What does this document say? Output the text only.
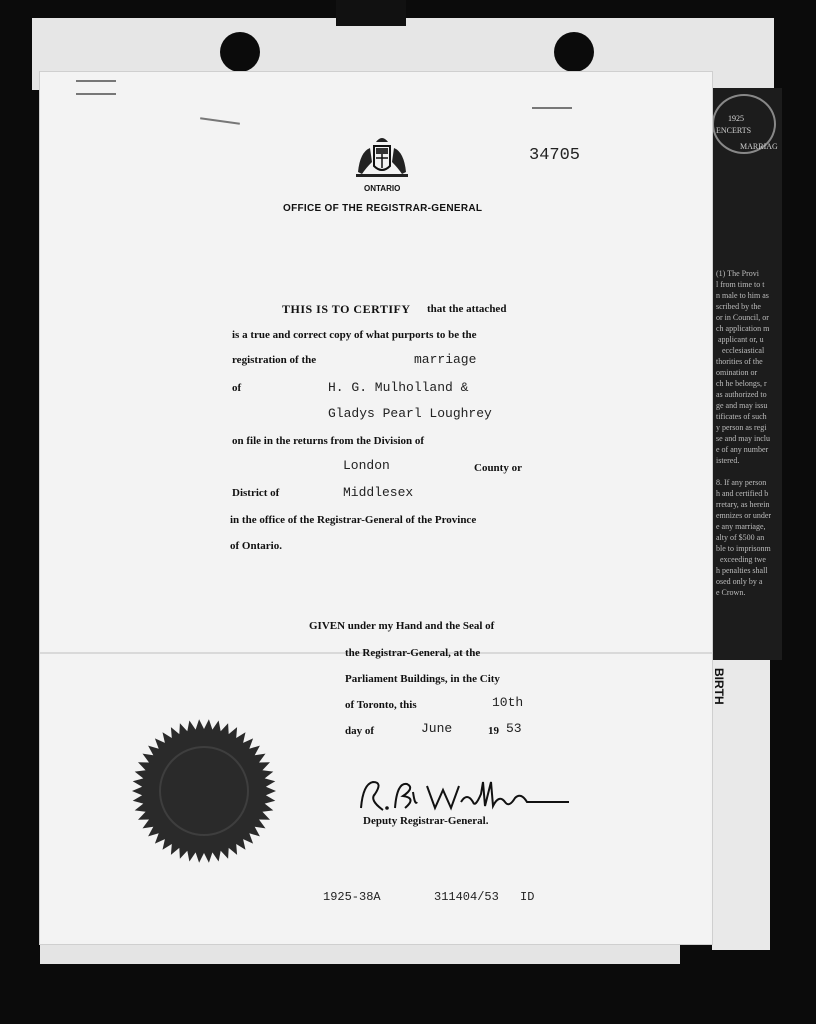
1925
ENCERTS
MARRIAG
(1) The Provi
l from time to t
n male to him as
scribed by the
or in Council, or
ch application m
applicant or, u
ecclesiastical
thorities of the
omination or
ch he belongs, r
as authorized to
ge and may issu
tificates of such
y person as regi
se and may inclu
e of any number
istered.

8. If any person
h and certified b
rretary, as herein
emnizes or under
e any marriage,
alty of $500 an
ble to imprisonm
exceeding twe
h penalties shall
osed only by a
e Crown.
BIRTH
ONTARIO
OFFICE OF THE REGISTRAR-GENERAL
34705
THIS IS TO CERTIFY that the attached
is a true and correct copy of what purports to be the
registration of the	marriage
of	H. G. Mulholland &
Gladys Pearl Loughrey
on file in the returns from the Division of
London	County or
District of	Middlesex
in the office of the Registrar-General of the Province
of Ontario.
GIVEN under my Hand and the Seal of
the Registrar-General, at the
Parliament Buildings, in the City
of Toronto, this	10th
day of	June	19 53
Deputy Registrar-General.
1925-38A	311404/53 ID
